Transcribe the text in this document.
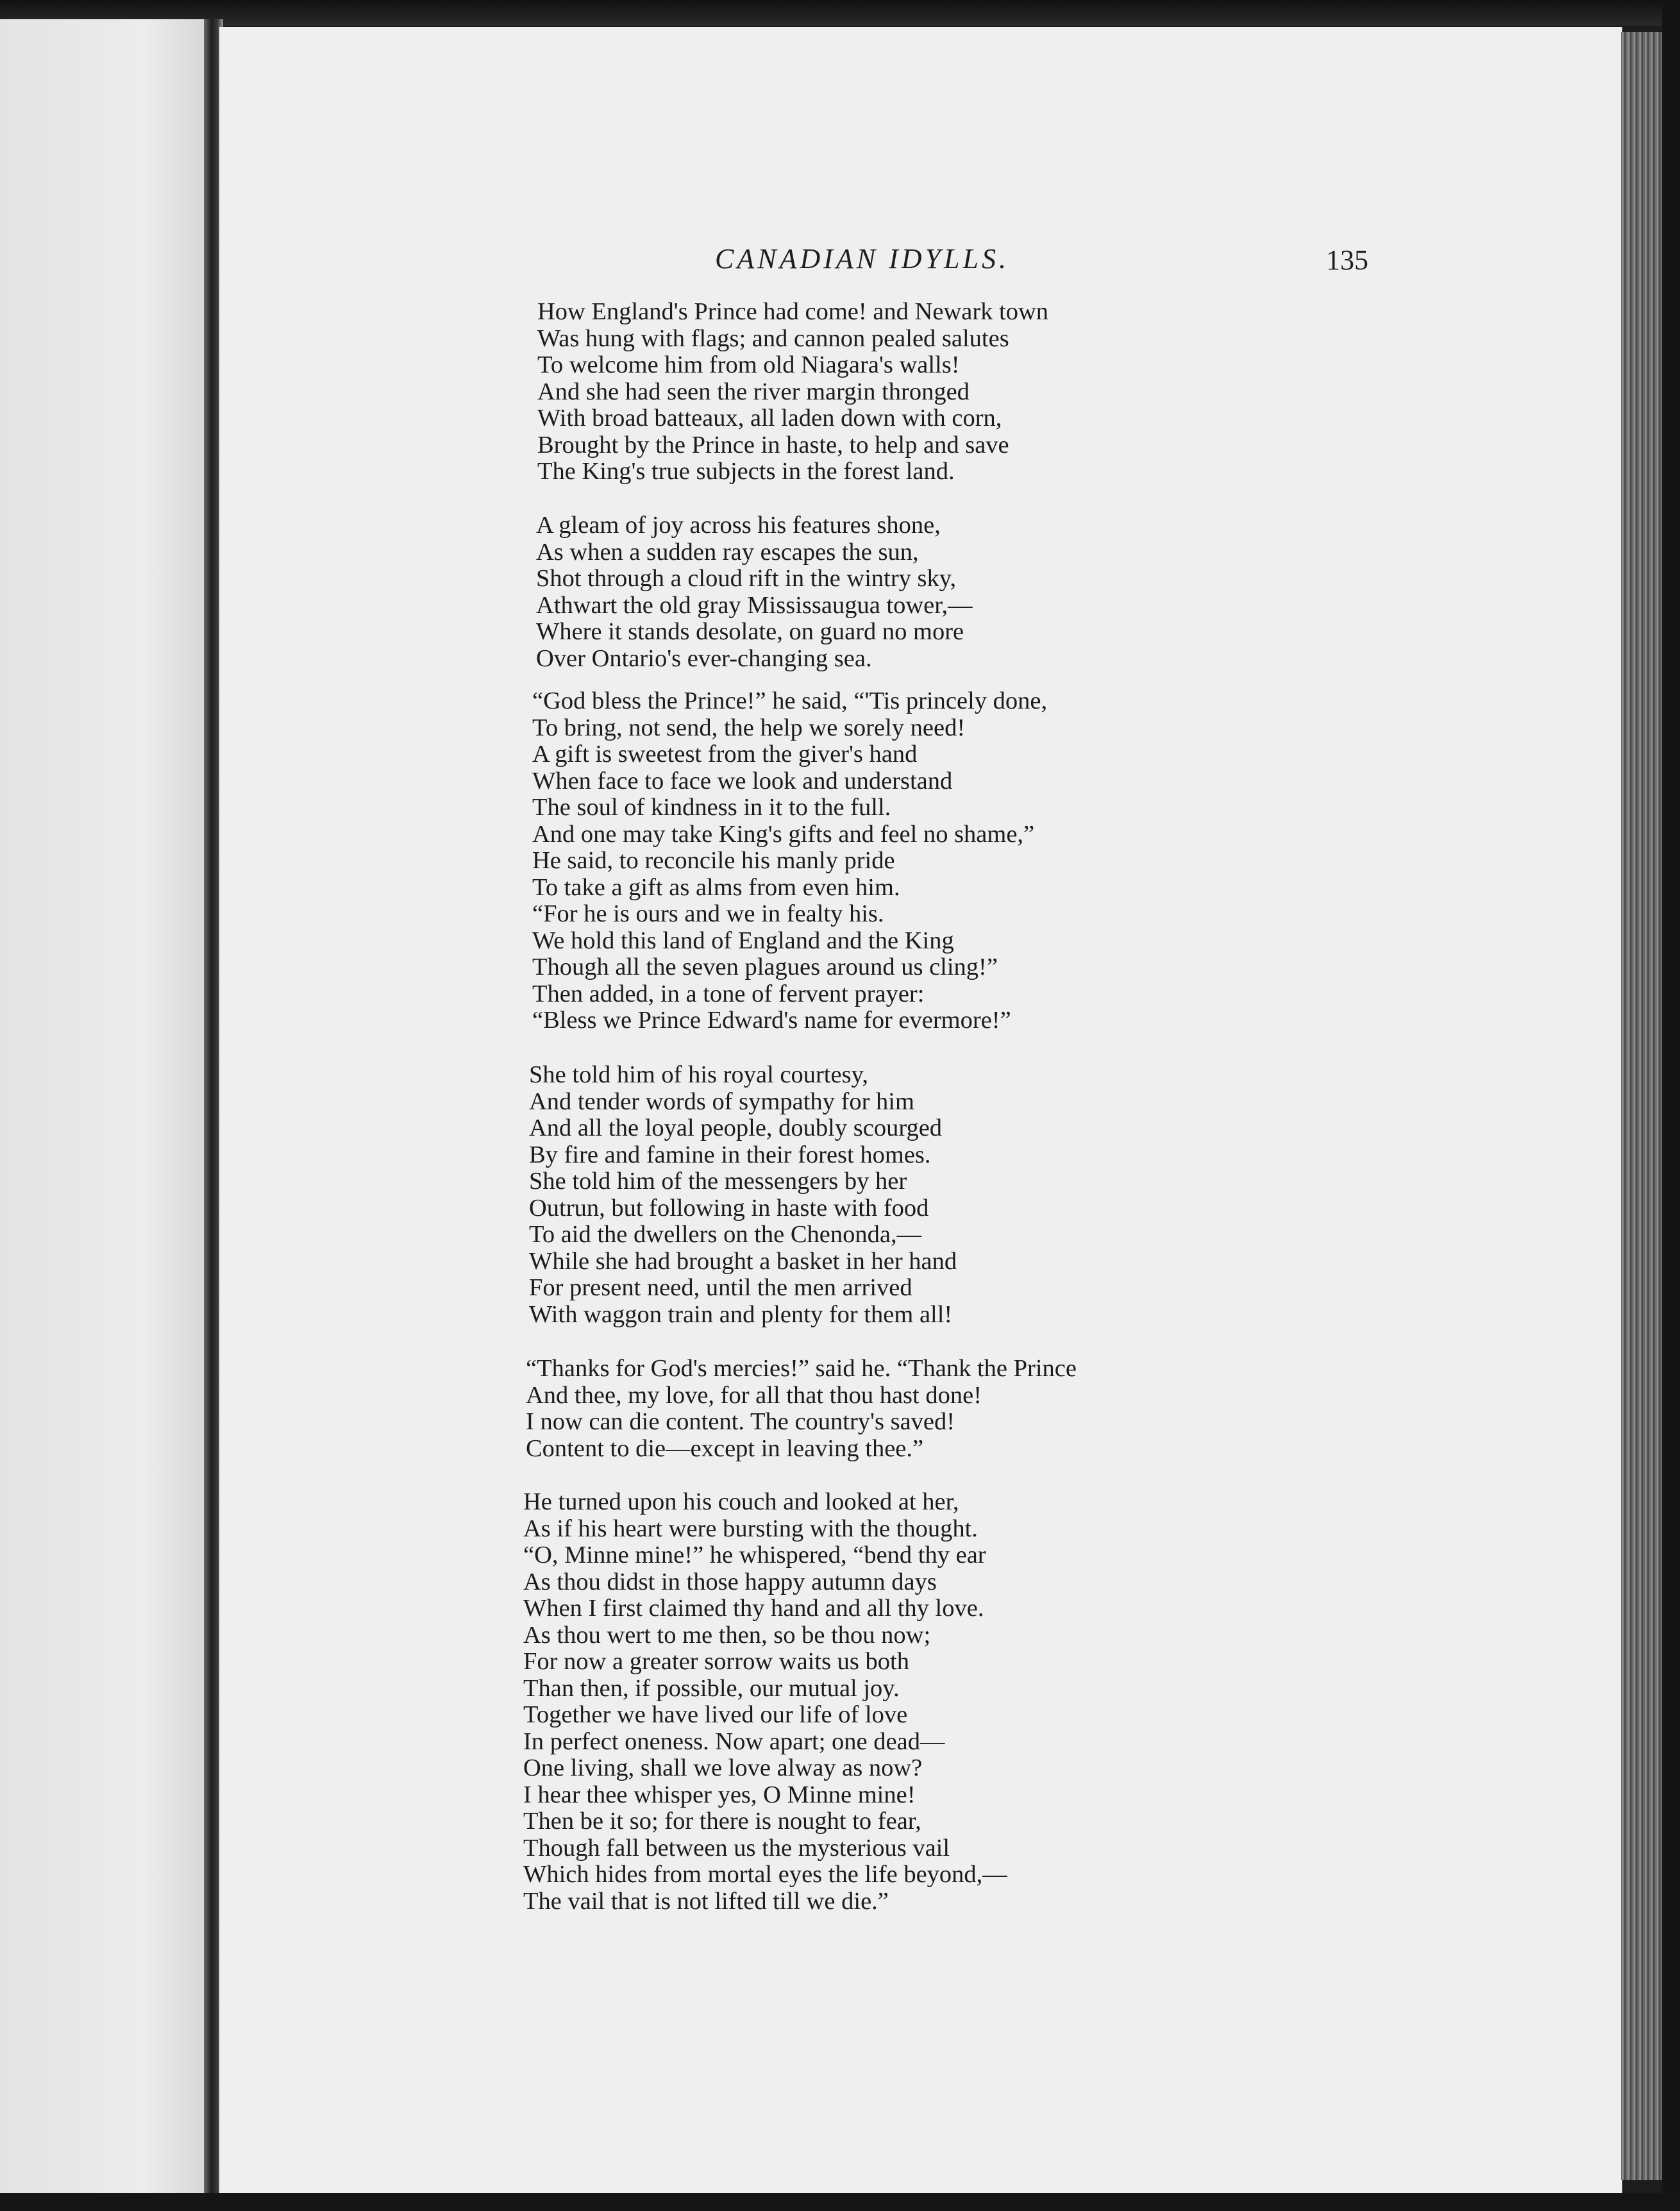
CANADIAN IDYLLS.	135
How England's Prince had come! and Newark town
Was hung with flags; and cannon pealed salutes
To welcome him from old Niagara's walls!
And she had seen the river margin thronged
With broad batteaux, all laden down with corn,
Brought by the Prince in haste, to help and save
The King's true subjects in the forest land.
A gleam of joy across his features shone,
As when a sudden ray escapes the sun,
Shot through a cloud rift in the wintry sky,
Athwart the old gray Mississaugua tower,—
Where it stands desolate, on guard no more
Over Ontario's ever-changing sea.
“God bless the Prince!” he said, “'Tis princely done,
To bring, not send, the help we sorely need!
A gift is sweetest from the giver's hand
When face to face we look and understand
The soul of kindness in it to the full.
And one may take King's gifts and feel no shame,”
He said, to reconcile his manly pride
To take a gift as alms from even him.
“For he is ours and we in fealty his.
We hold this land of England and the King
Though all the seven plagues around us cling!”
Then added, in a tone of fervent prayer:
“Bless we Prince Edward's name for evermore!”
She told him of his royal courtesy,
And tender words of sympathy for him
And all the loyal people, doubly scourged
By fire and famine in their forest homes.
She told him of the messengers by her
Outrun, but following in haste with food
To aid the dwellers on the Chenonda,—
While she had brought a basket in her hand
For present need, until the men arrived
With waggon train and plenty for them all!
“Thanks for God's mercies!” said he. “Thank the Prince
And thee, my love, for all that thou hast done!
I now can die content. The country's saved!
Content to die—except in leaving thee.”
He turned upon his couch and looked at her,
As if his heart were bursting with the thought.
“O, Minne mine!” he whispered, “bend thy ear
As thou didst in those happy autumn days
When I first claimed thy hand and all thy love.
As thou wert to me then, so be thou now;
For now a greater sorrow waits us both
Than then, if possible, our mutual joy.
Together we have lived our life of love
In perfect oneness. Now apart; one dead—
One living, shall we love alway as now?
I hear thee whisper yes, O Minne mine!
Then be it so; for there is nought to fear,
Though fall between us the mysterious vail
Which hides from mortal eyes the life beyond,—
The vail that is not lifted till we die.”
